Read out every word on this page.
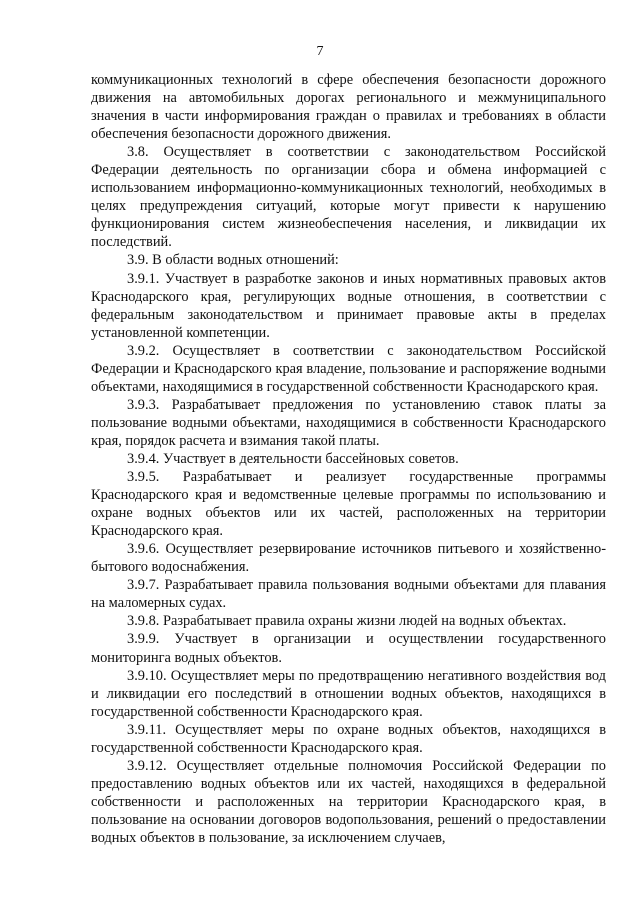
7

коммуникационных технологий в сфере обеспечения безопасности дорожного движения на автомобильных дорогах регионального и межмуниципального значения в части информирования граждан о правилах и требованиях в области обеспечения безопасности дорожного движения.

3.8. Осуществляет в соответствии с законодательством Российской Федерации деятельность по организации сбора и обмена информацией с использованием информационно-коммуникационных технологий, необходимых в целях предупреждения ситуаций, которые могут привести к нарушению функционирования систем жизнеобеспечения населения, и ликвидации их последствий.

3.9. В области водных отношений:

3.9.1. Участвует в разработке законов и иных нормативных правовых актов Краснодарского края, регулирующих водные отношения, в соответствии с федеральным законодательством и принимает правовые акты в пределах установленной компетенции.

3.9.2. Осуществляет в соответствии с законодательством Российской Федерации и Краснодарского края владение, пользование и распоряжение водными объектами, находящимися в государственной собственности Краснодарского края.

3.9.3. Разрабатывает предложения по установлению ставок платы за пользование водными объектами, находящимися в собственности Краснодарского края, порядок расчета и взимания такой платы.

3.9.4. Участвует в деятельности бассейновых советов.

3.9.5. Разрабатывает и реализует государственные программы Краснодарского края и ведомственные целевые программы по использованию и охране водных объектов или их частей, расположенных на территории Краснодарского края.

3.9.6. Осуществляет резервирование источников питьевого и хозяйственно-бытового водоснабжения.

3.9.7. Разрабатывает правила пользования водными объектами для плавания на маломерных судах.

3.9.8. Разрабатывает правила охраны жизни людей на водных объектах.

3.9.9. Участвует в организации и осуществлении государственного мониторинга водных объектов.

3.9.10. Осуществляет меры по предотвращению негативного воздействия вод и ликвидации его последствий в отношении водных объектов, находящихся в государственной собственности Краснодарского края.

3.9.11. Осуществляет меры по охране водных объектов, находящихся в государственной собственности Краснодарского края.

3.9.12. Осуществляет отдельные полномочия Российской Федерации по предоставлению водных объектов или их частей, находящихся в федеральной собственности и расположенных на территории Краснодарского края, в пользование на основании договоров водопользования, решений о предоставлении водных объектов в пользование, за исключением случаев,
